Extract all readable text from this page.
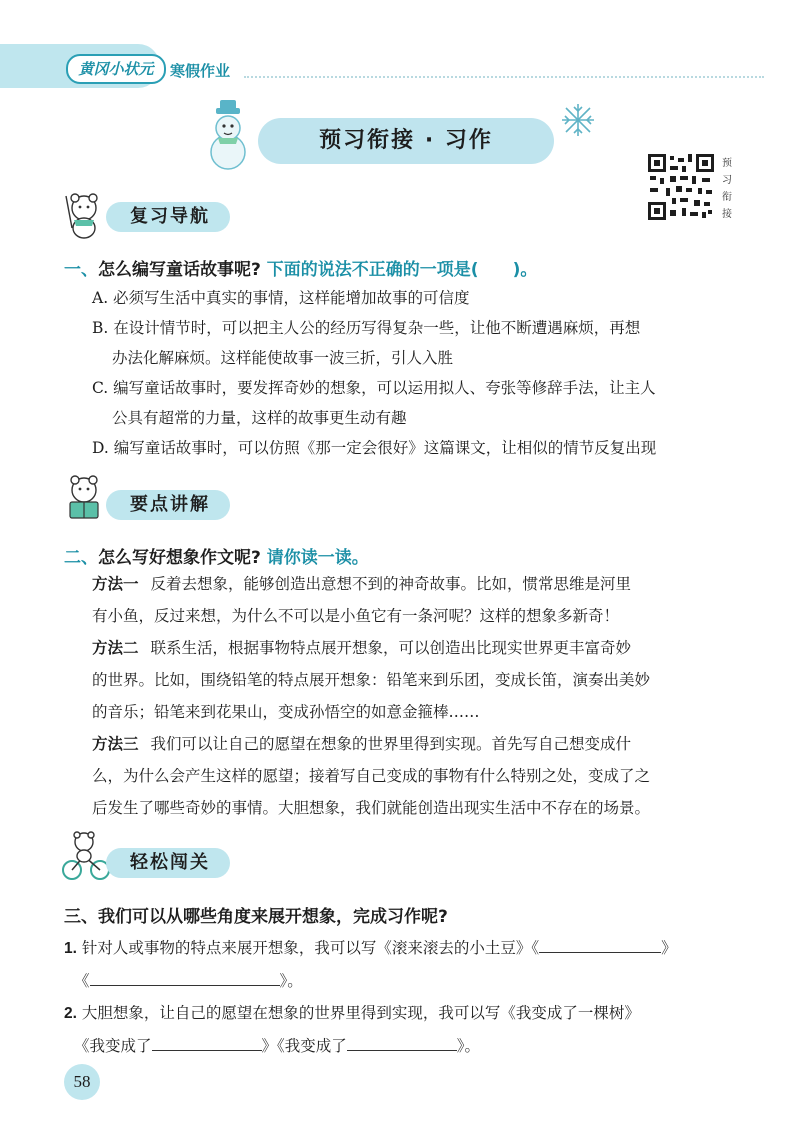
黄冈小状元	寒假作业
预习衔接 · 习作
预习衔接
复习导航
一、怎么编写童话故事呢? 下面的说法不正确的一项是(　　)。
A. 必须写生活中真实的事情，这样能增加故事的可信度
B. 在设计情节时，可以把主人公的经历写得复杂一些，让他不断遭遇麻烦，再想
办法化解麻烦。这样能使故事一波三折，引人入胜
C. 编写童话故事时，要发挥奇妙的想象，可以运用拟人、夸张等修辞手法，让主人
公具有超常的力量，这样的故事更生动有趣
D. 编写童话故事时，可以仿照《那一定会很好》这篇课文，让相似的情节反复出现
要点讲解
二、怎么写好想象作文呢? 请你读一读。
方法一 反着去想象，能够创造出意想不到的神奇故事。比如，惯常思维是河里
有小鱼，反过来想，为什么不可以是小鱼它有一条河呢？这样的想象多新奇！
方法二 联系生活，根据事物特点展开想象，可以创造出比现实世界更丰富奇妙
的世界。比如，围绕铅笔的特点展开想象：铅笔来到乐团，变成长笛，演奏出美妙
的音乐；铅笔来到花果山，变成孙悟空的如意金箍棒……
方法三 我们可以让自己的愿望在想象的世界里得到实现。首先写自己想变成什
么，为什么会产生这样的愿望；接着写自己变成的事物有什么特别之处，变成了之
后发生了哪些奇妙的事情。大胆想象，我们就能创造出现实生活中不存在的场景。
轻松闯关
三、我们可以从哪些角度来展开想象，完成习作呢?
1. 针对人或事物的特点来展开想象，我可以写《滚来滚去的小土豆》《	》
《	》。
2. 大胆想象，让自己的愿望在想象的世界里得到实现，我可以写《我变成了一棵树》
《我变成了	》《我变成了	》。
58
